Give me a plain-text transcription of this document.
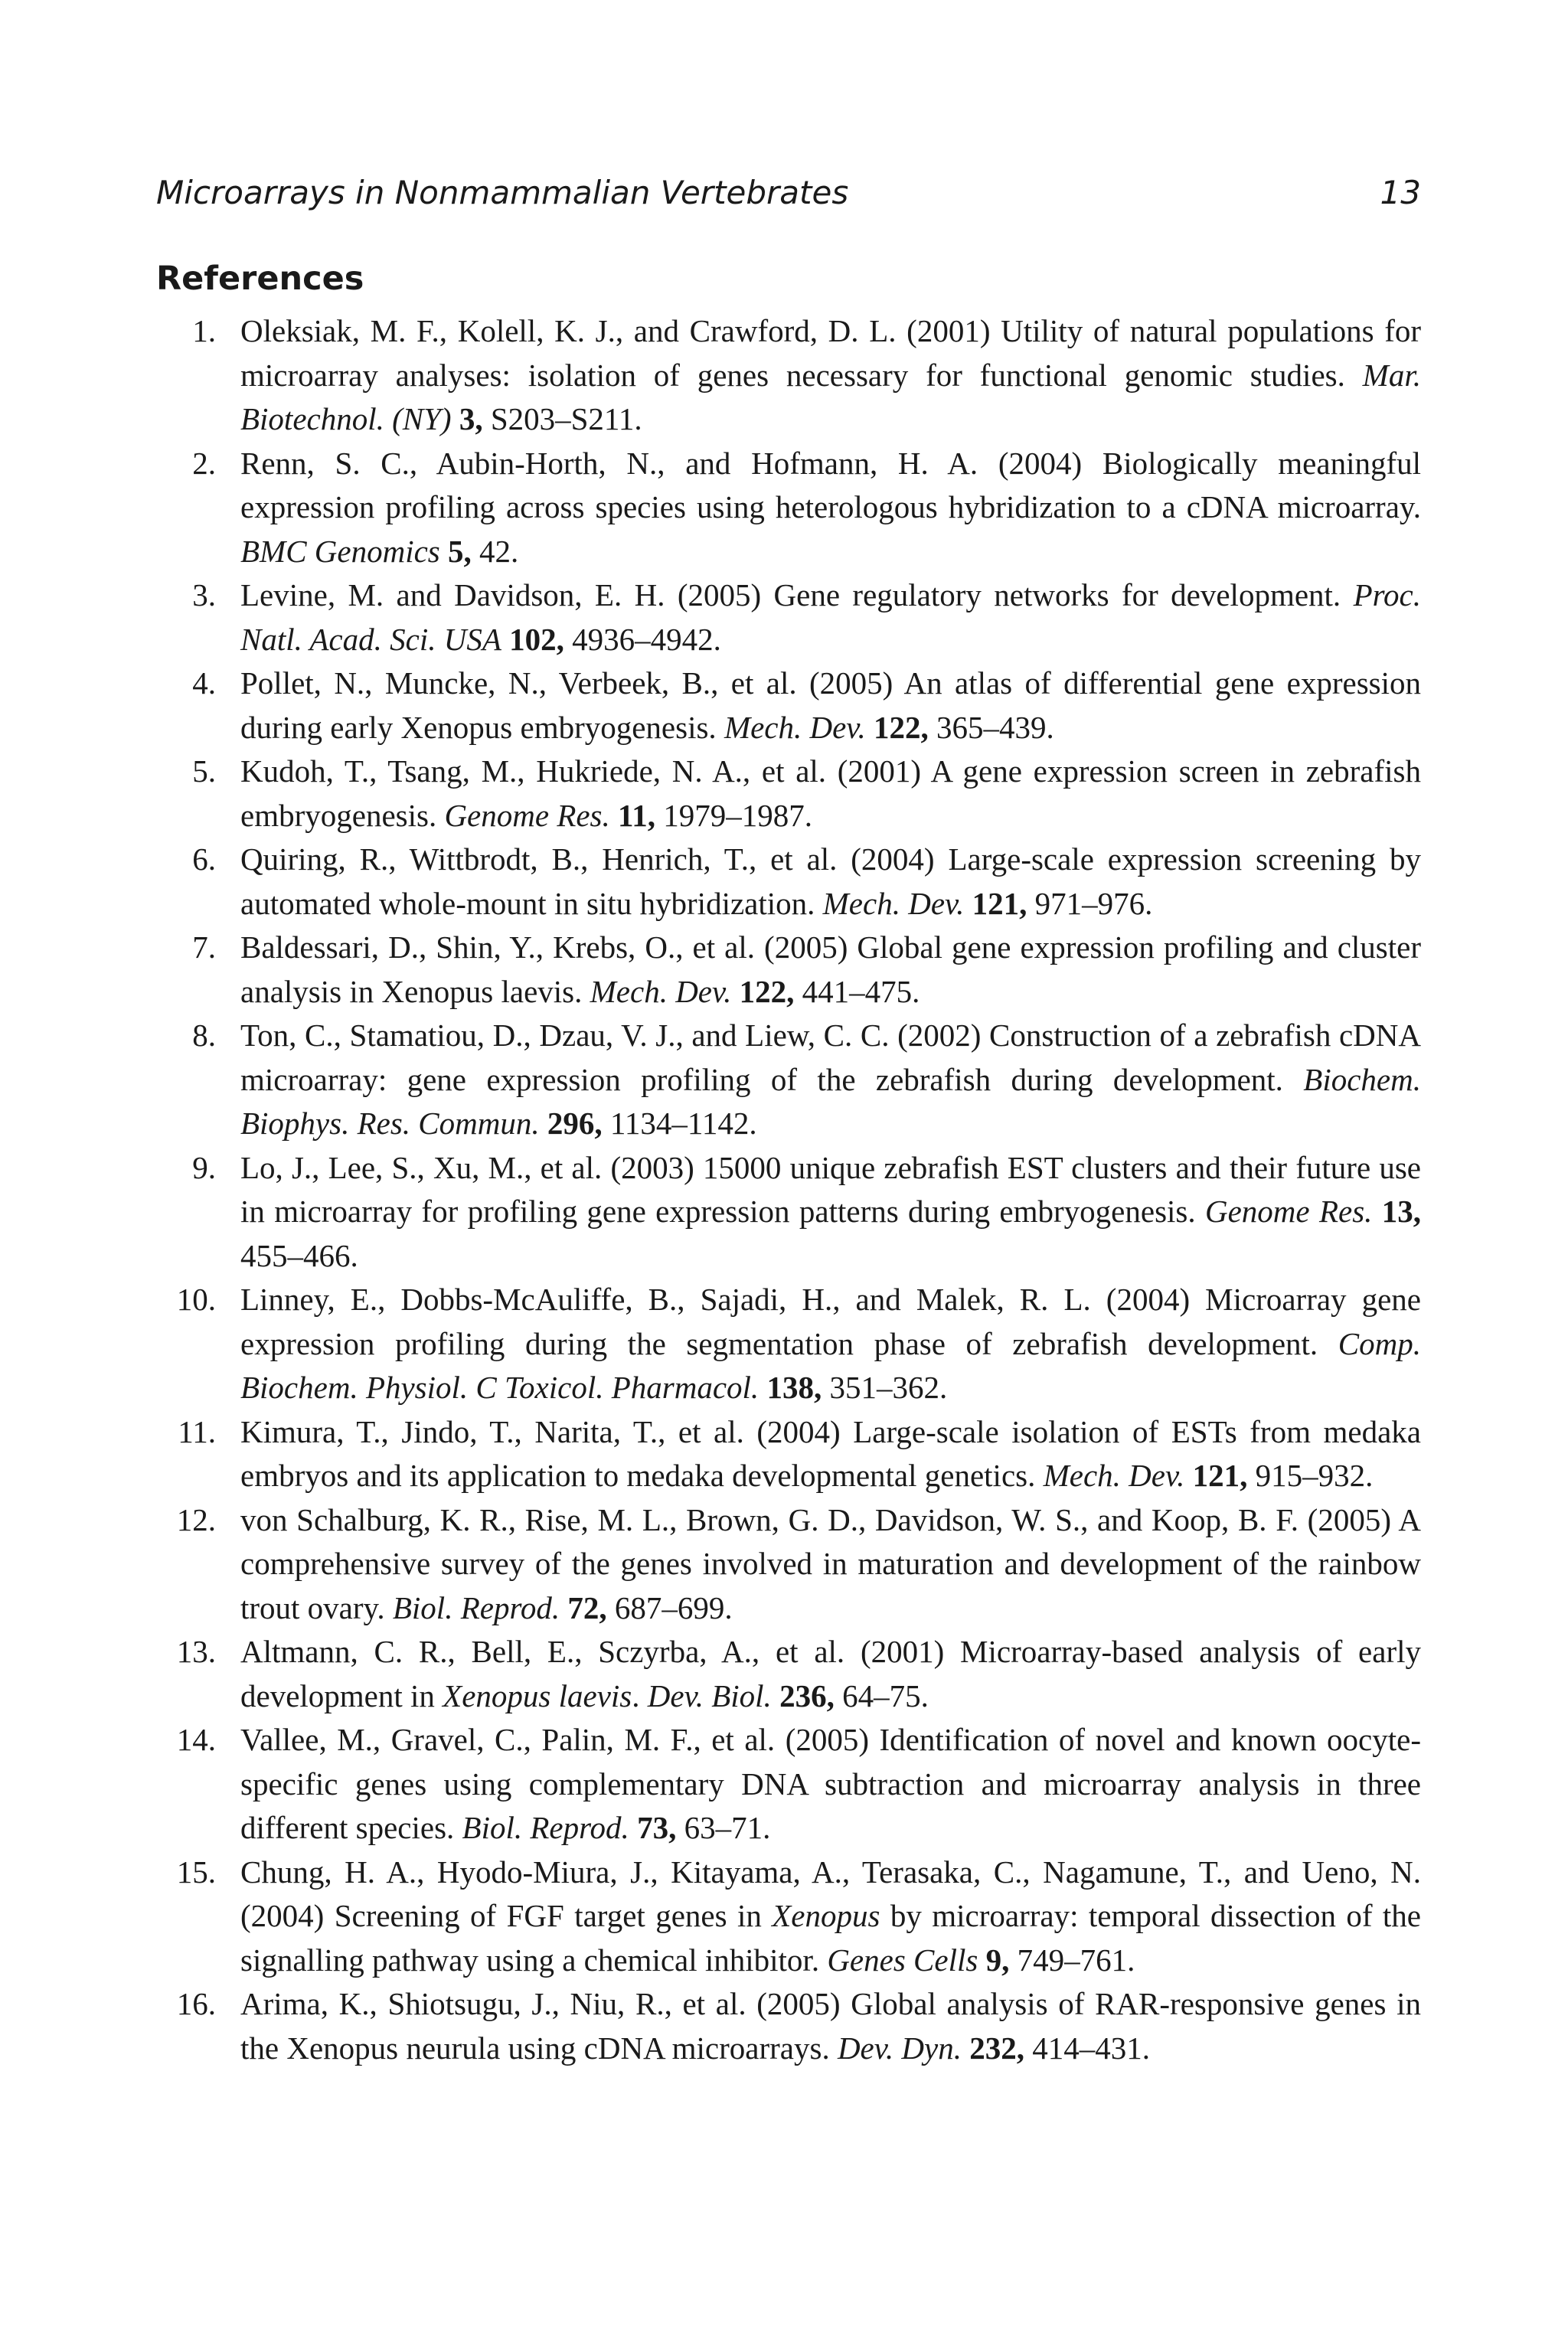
Microarrays in Nonmammalian Vertebrates	13
References
1. Oleksiak, M. F., Kolell, K. J., and Crawford, D. L. (2001) Utility of natural populations for microarray analyses: isolation of genes necessary for functional genomic studies. Mar. Biotechnol. (NY) 3, S203–S211.
2. Renn, S. C., Aubin-Horth, N., and Hofmann, H. A. (2004) Biologically meaningful expression profiling across species using heterologous hybridization to a cDNA microarray. BMC Genomics 5, 42.
3. Levine, M. and Davidson, E. H. (2005) Gene regulatory networks for development. Proc. Natl. Acad. Sci. USA 102, 4936–4942.
4. Pollet, N., Muncke, N., Verbeek, B., et al. (2005) An atlas of differential gene expression during early Xenopus embryogenesis. Mech. Dev. 122, 365–439.
5. Kudoh, T., Tsang, M., Hukriede, N. A., et al. (2001) A gene expression screen in zebrafish embryogenesis. Genome Res. 11, 1979–1987.
6. Quiring, R., Wittbrodt, B., Henrich, T., et al. (2004) Large-scale expression screening by automated whole-mount in situ hybridization. Mech. Dev. 121, 971–976.
7. Baldessari, D., Shin, Y., Krebs, O., et al. (2005) Global gene expression profiling and cluster analysis in Xenopus laevis. Mech. Dev. 122, 441–475.
8. Ton, C., Stamatiou, D., Dzau, V. J., and Liew, C. C. (2002) Construction of a zebrafish cDNA microarray: gene expression profiling of the zebrafish during development. Biochem. Biophys. Res. Commun. 296, 1134–1142.
9. Lo, J., Lee, S., Xu, M., et al. (2003) 15000 unique zebrafish EST clusters and their future use in microarray for profiling gene expression patterns during embryogenesis. Genome Res. 13, 455–466.
10. Linney, E., Dobbs-McAuliffe, B., Sajadi, H., and Malek, R. L. (2004) Microarray gene expression profiling during the segmentation phase of zebrafish development. Comp. Biochem. Physiol. C Toxicol. Pharmacol. 138, 351–362.
11. Kimura, T., Jindo, T., Narita, T., et al. (2004) Large-scale isolation of ESTs from medaka embryos and its application to medaka developmental genetics. Mech. Dev. 121, 915–932.
12. von Schalburg, K. R., Rise, M. L., Brown, G. D., Davidson, W. S., and Koop, B. F. (2005) A comprehensive survey of the genes involved in maturation and development of the rainbow trout ovary. Biol. Reprod. 72, 687–699.
13. Altmann, C. R., Bell, E., Sczyrba, A., et al. (2001) Microarray-based analysis of early development in Xenopus laevis. Dev. Biol. 236, 64–75.
14. Vallee, M., Gravel, C., Palin, M. F., et al. (2005) Identification of novel and known oocyte-specific genes using complementary DNA subtraction and microarray analysis in three different species. Biol. Reprod. 73, 63–71.
15. Chung, H. A., Hyodo-Miura, J., Kitayama, A., Terasaka, C., Nagamune, T., and Ueno, N. (2004) Screening of FGF target genes in Xenopus by microarray: temporal dissection of the signalling pathway using a chemical inhibitor. Genes Cells 9, 749–761.
16. Arima, K., Shiotsugu, J., Niu, R., et al. (2005) Global analysis of RAR-responsive genes in the Xenopus neurula using cDNA microarrays. Dev. Dyn. 232, 414–431.
